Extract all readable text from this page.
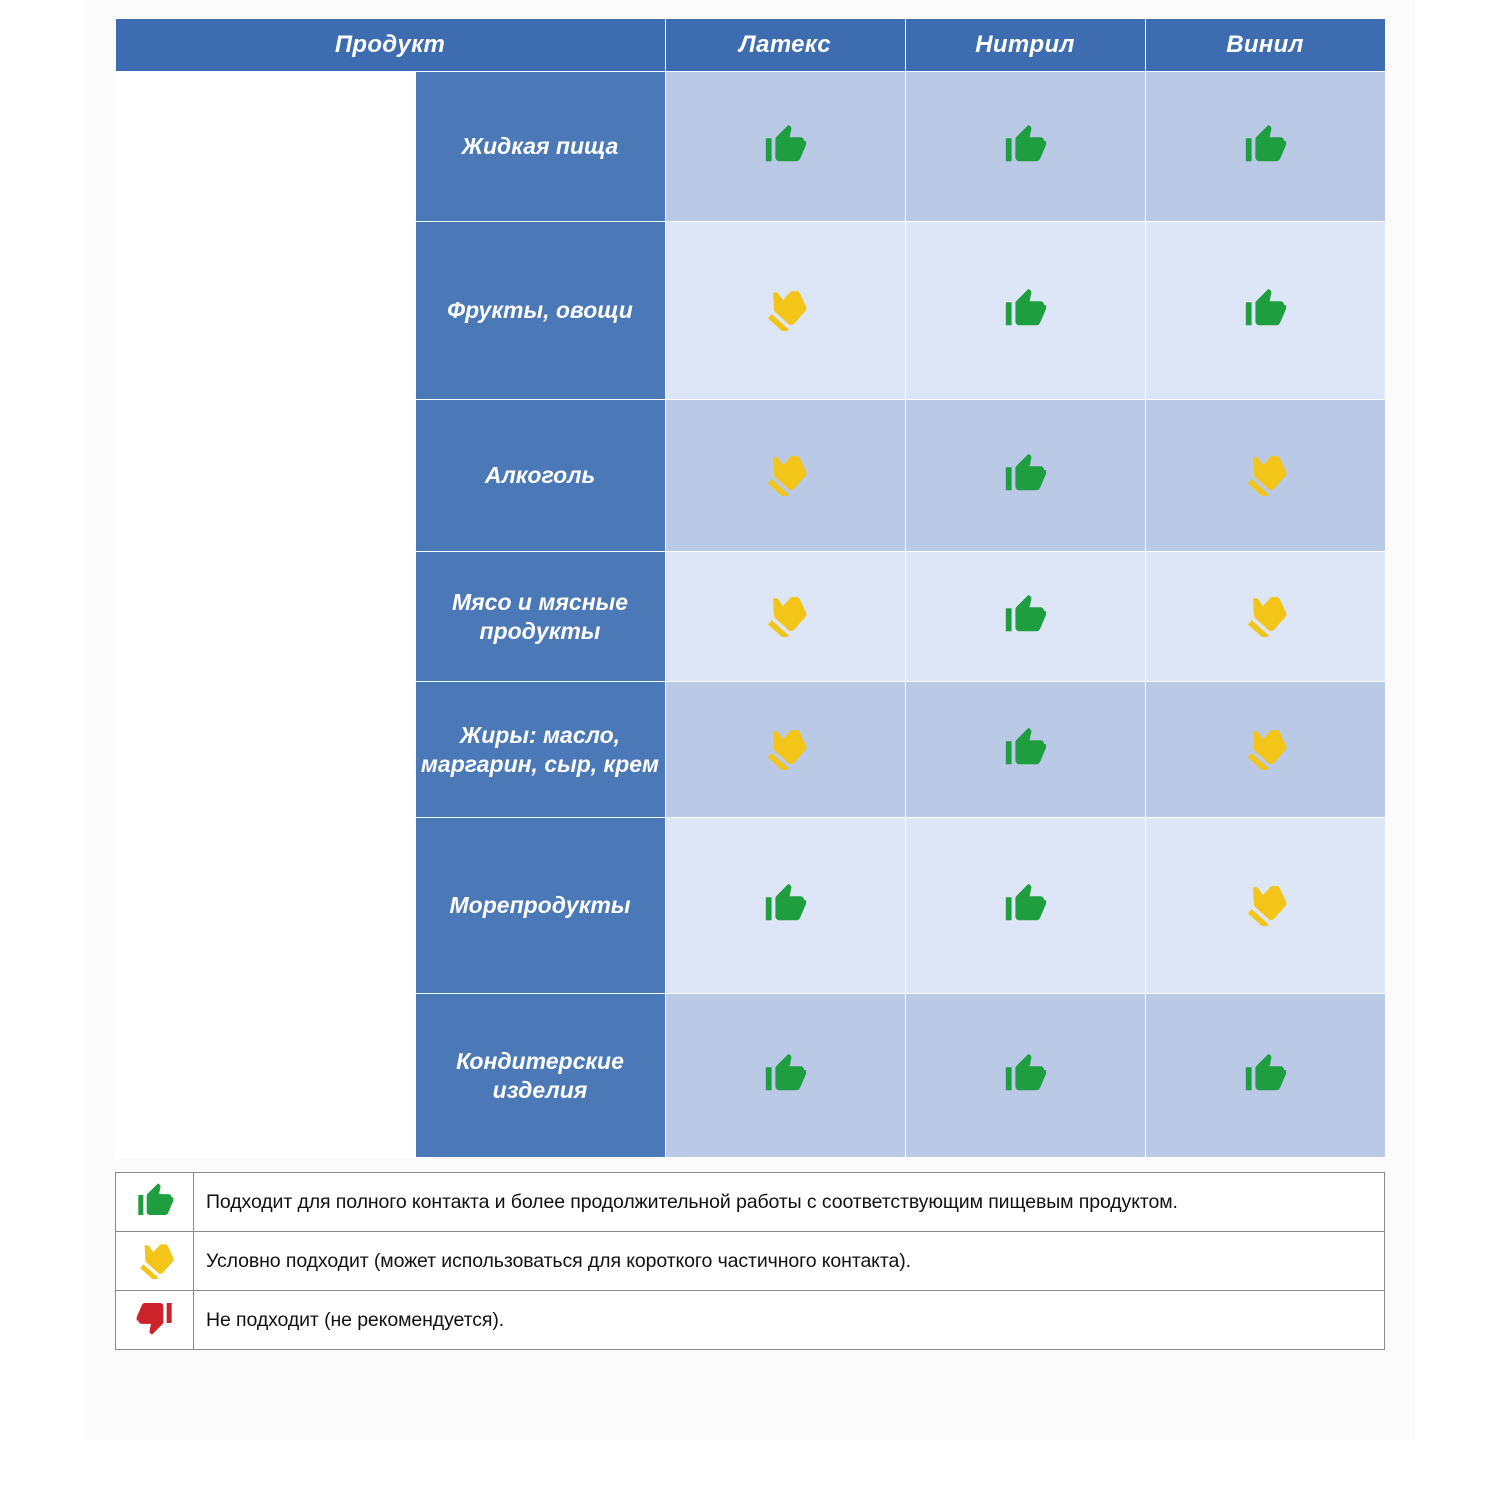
Продукт		Латекс	Нитрил	Винил

	Жидкая пища	

	Фрукты, овощи	

	Алкоголь	

	Мясо и мясные продукты	

	Жиры: масло, маргарин, сыр, крем	

	Морепродукты	

	Кондитерские изделия	

	Подходит для полного контакта и более продолжительной работы с соответствующим пищевым продуктом.

	Условно подходит (может использоваться для короткого частичного контакта).

	Не подходит (не рекомендуется).
